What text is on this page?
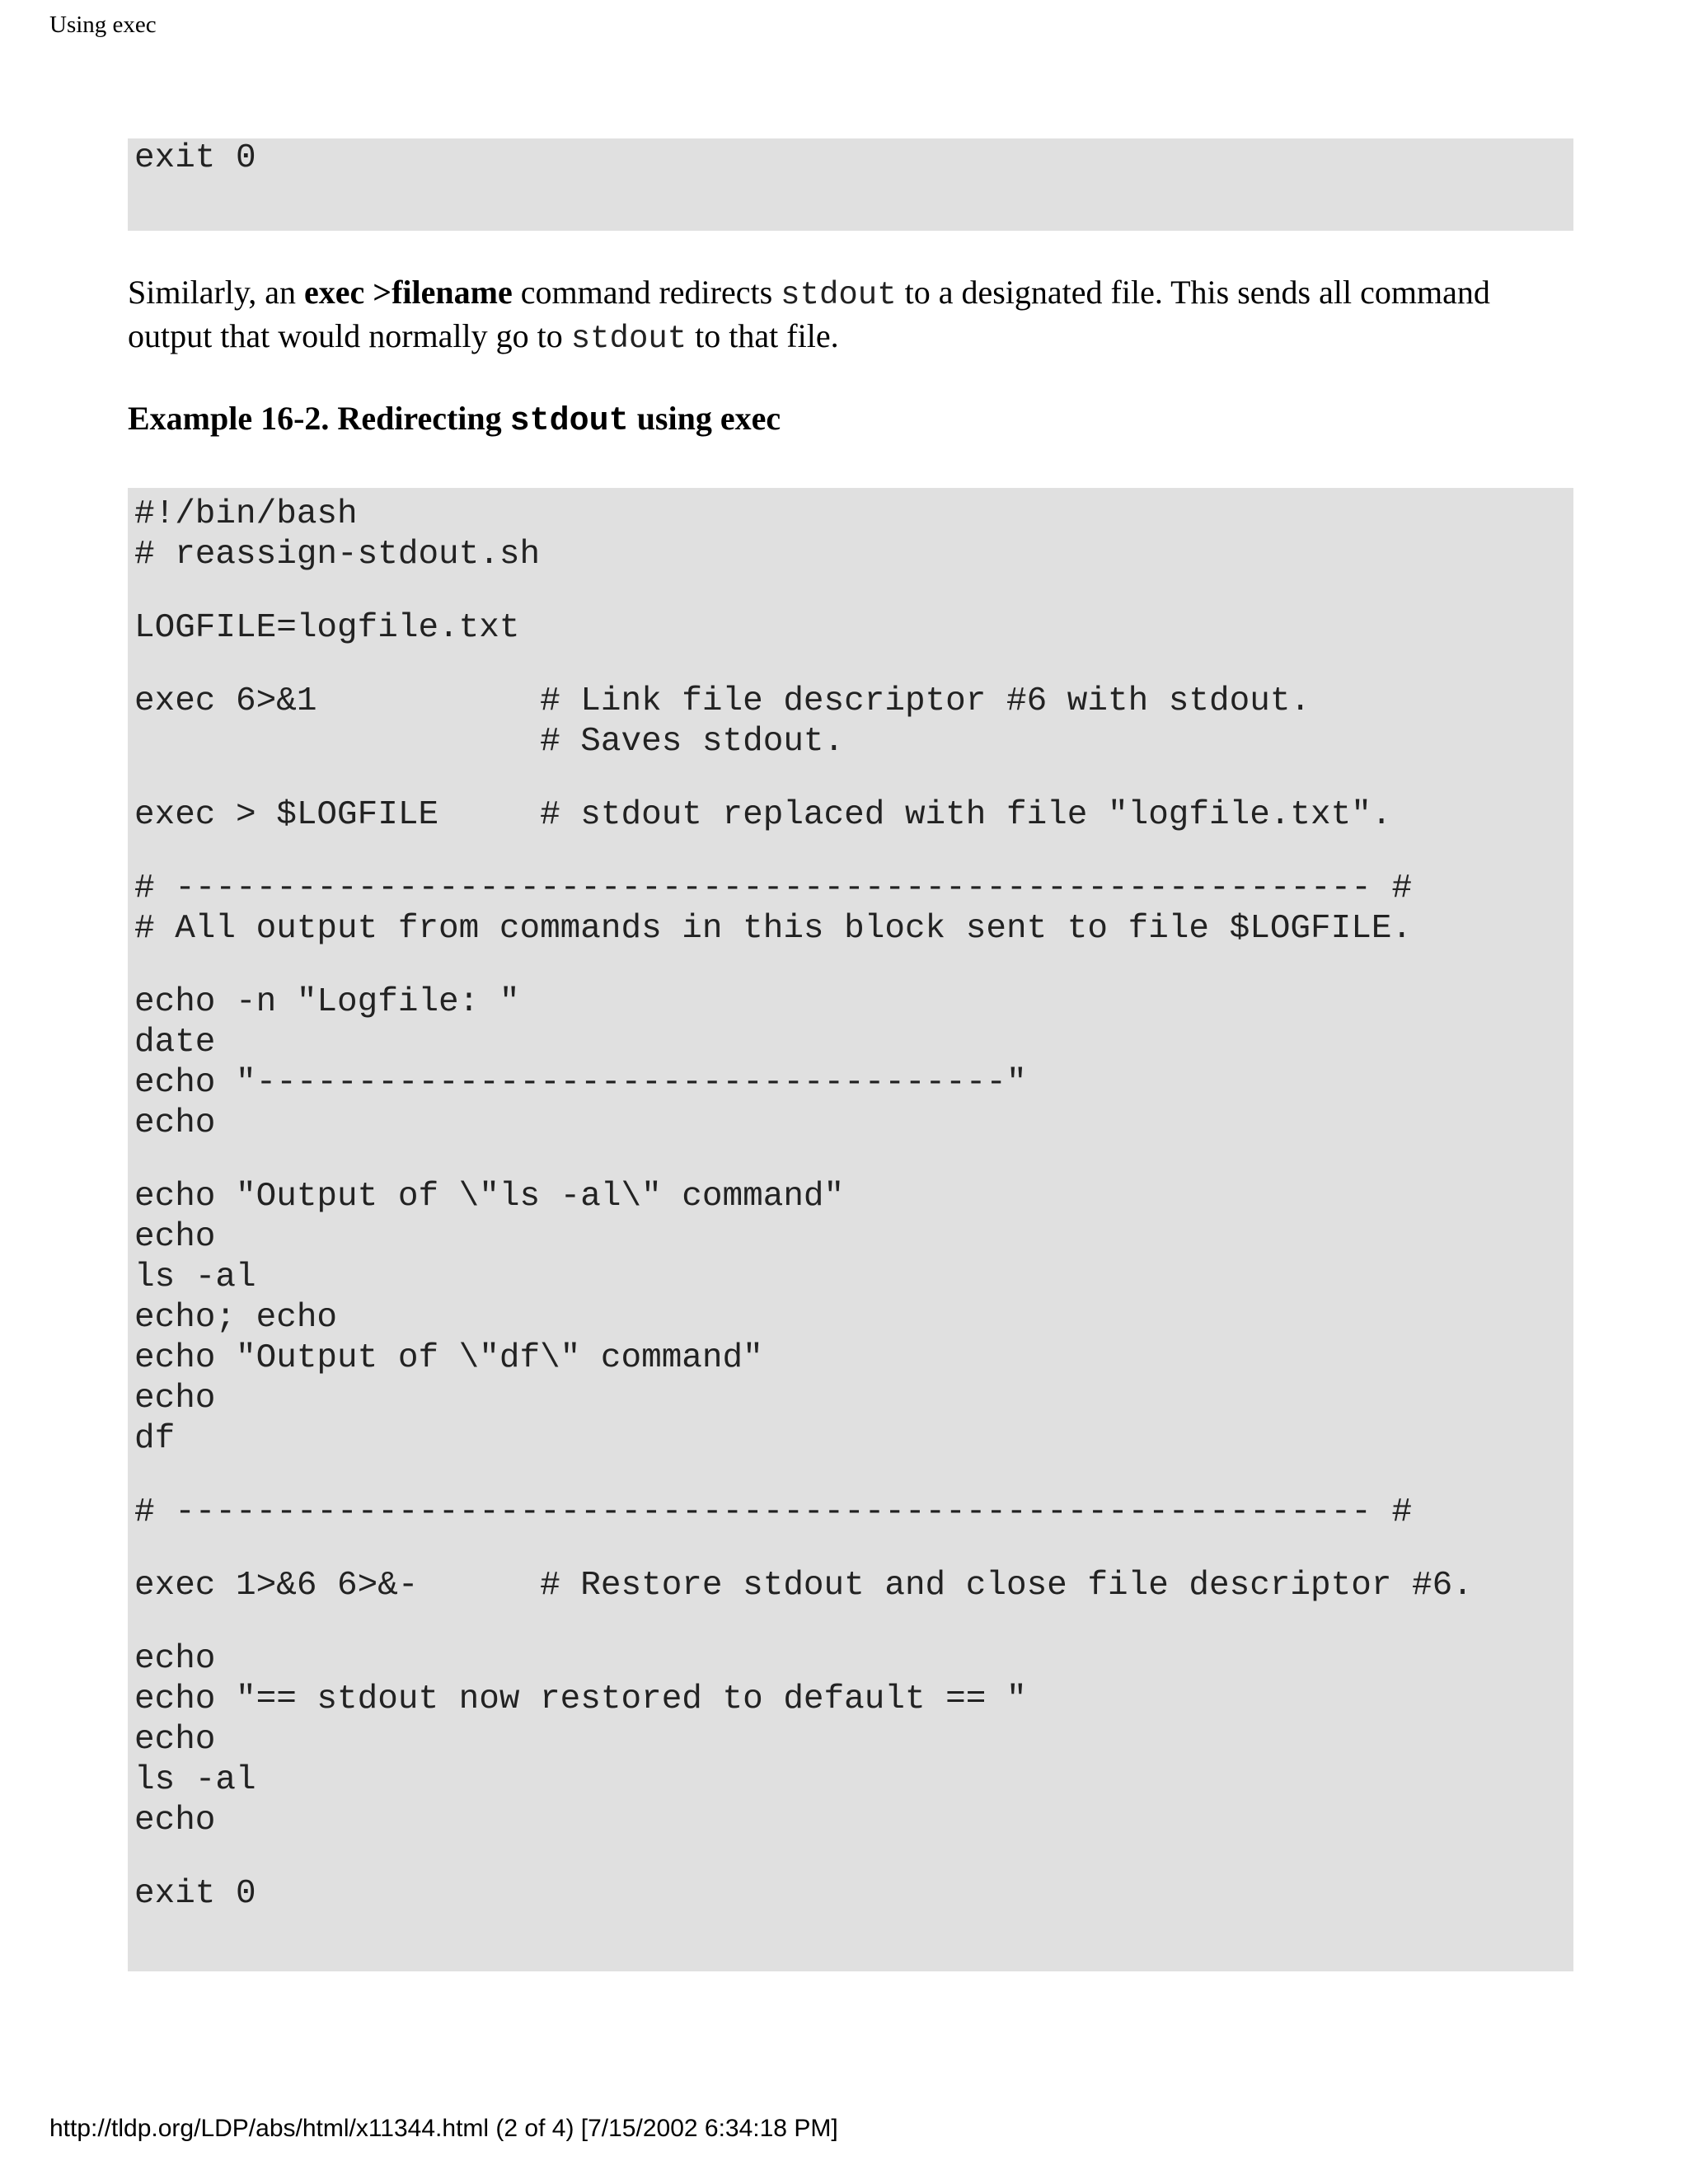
Using exec
exit 0
Similarly, an exec >filename command redirects stdout to a designated file. This sends all command output that would normally go to stdout to that file.
Example 16-2. Redirecting stdout using exec
#!/bin/bash
# reassign-stdout.sh
LOGFILE=logfile.txt
exec 6>&1           # Link file descriptor #6 with stdout.
# Saves stdout.
exec > $LOGFILE     # stdout replaced with file "logfile.txt".
# ----------------------------------------------------------- #
# All output from commands in this block sent to file $LOGFILE.
echo -n "Logfile: "
date
echo "-------------------------------------"
echo
echo "Output of \"ls -al\" command"
echo
ls -al
echo; echo
echo "Output of \"df\" command"
echo
df
# ----------------------------------------------------------- #
exec 1>&6 6>&-      # Restore stdout and close file descriptor #6.
echo
echo "== stdout now restored to default == "
echo
ls -al
echo
exit 0
http://tldp.org/LDP/abs/html/x11344.html (2 of 4) [7/15/2002 6:34:18 PM]
